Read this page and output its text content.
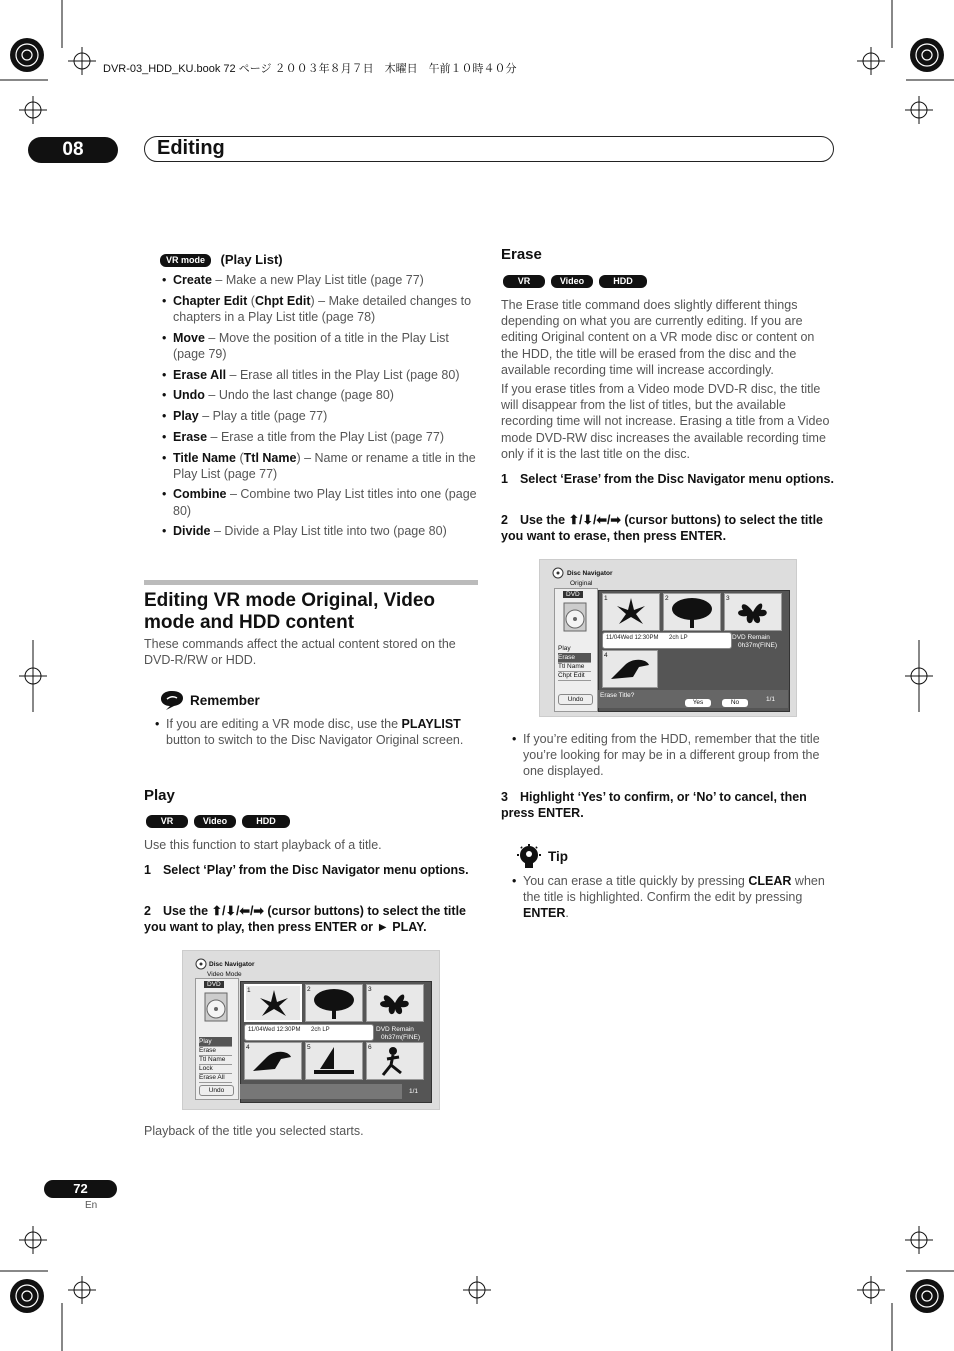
DVR-03_HDD_KU.book 72 ページ ２００３年８月７日　木曜日　午前１０時４０分
08	Editing
VR mode (Play List)
• Create – Make a new Play List title (page 77)
• Chapter Edit (Chpt Edit) – Make detailed changes to chapters in a Play List title (page 78)
• Move – Move the position of a title in the Play List (page 79)
• Erase All – Erase all titles in the Play List (page 80)
• Undo – Undo the last change (page 80)
• Play – Play a title (page 77)
• Erase – Erase a title from the Play List (page 77)
• Title Name (Ttl Name) – Name or rename a title in the Play List (page 77)
• Combine – Combine two Play List titles into one (page 80)
• Divide – Divide a Play List title into two (page 80)
Editing VR mode Original, Video mode and HDD content
These commands affect the actual content stored on the DVD-R/RW or HDD.
Remember
• If you are editing a VR mode disc, use the PLAYLIST button to switch to the Disc Navigator Original screen.
Play
VR modeVideo modeHDD
Use this function to start playback of a title.
1 Select ‘Play’ from the Disc Navigator menu options.
2 Use the ⬆/⬇/⬅/➡ (cursor buttons) to select the title you want to play, then press ENTER or ► PLAY.
Disc Navigator
Video Mode
DVD
Play
Erase
Ttl Name
Lock
Erase All
Undo
1	2	3
11/04Wed 12:30PM 2ch LP	DVD Remain
0h37m(FINE)
4	5	6
1/1
Playback of the title you selected starts.
Erase
VR modeVideo modeHDD
The Erase title command does slightly different things depending on what you are currently editing. If you are editing Original content on a VR mode disc or content on the HDD, the title will be erased from the disc and the available recording time will increase accordingly.
If you erase titles from a Video mode DVD-R disc, the title will disappear from the list of titles, but the available recording time will not increase. Erasing a title from a Video mode DVD-RW disc increases the available recording time only if it is the last title on the disc.
1 Select ‘Erase’ from the Disc Navigator menu options.
2 Use the ⬆/⬇/⬅/➡ (cursor buttons) to select the title you want to erase, then press ENTER.
Disc Navigator
Original
DVD
Play
Erase
Ttl Name
Chpt Edit
Undo
1	2	3
11/04Wed 12:30PM 2ch LP	DVD Remain
0h37m(FINE)
4
Erase Title?
Yes	No	1/1
• If you’re editing from the HDD, remember that the title you’re looking for may be in a different group from the one displayed.
3 Highlight ‘Yes’ to confirm, or ‘No’ to cancel, then press ENTER.
Tip
• You can erase a title quickly by pressing CLEAR when the title is highlighted. Confirm the edit by pressing ENTER.
72
En
